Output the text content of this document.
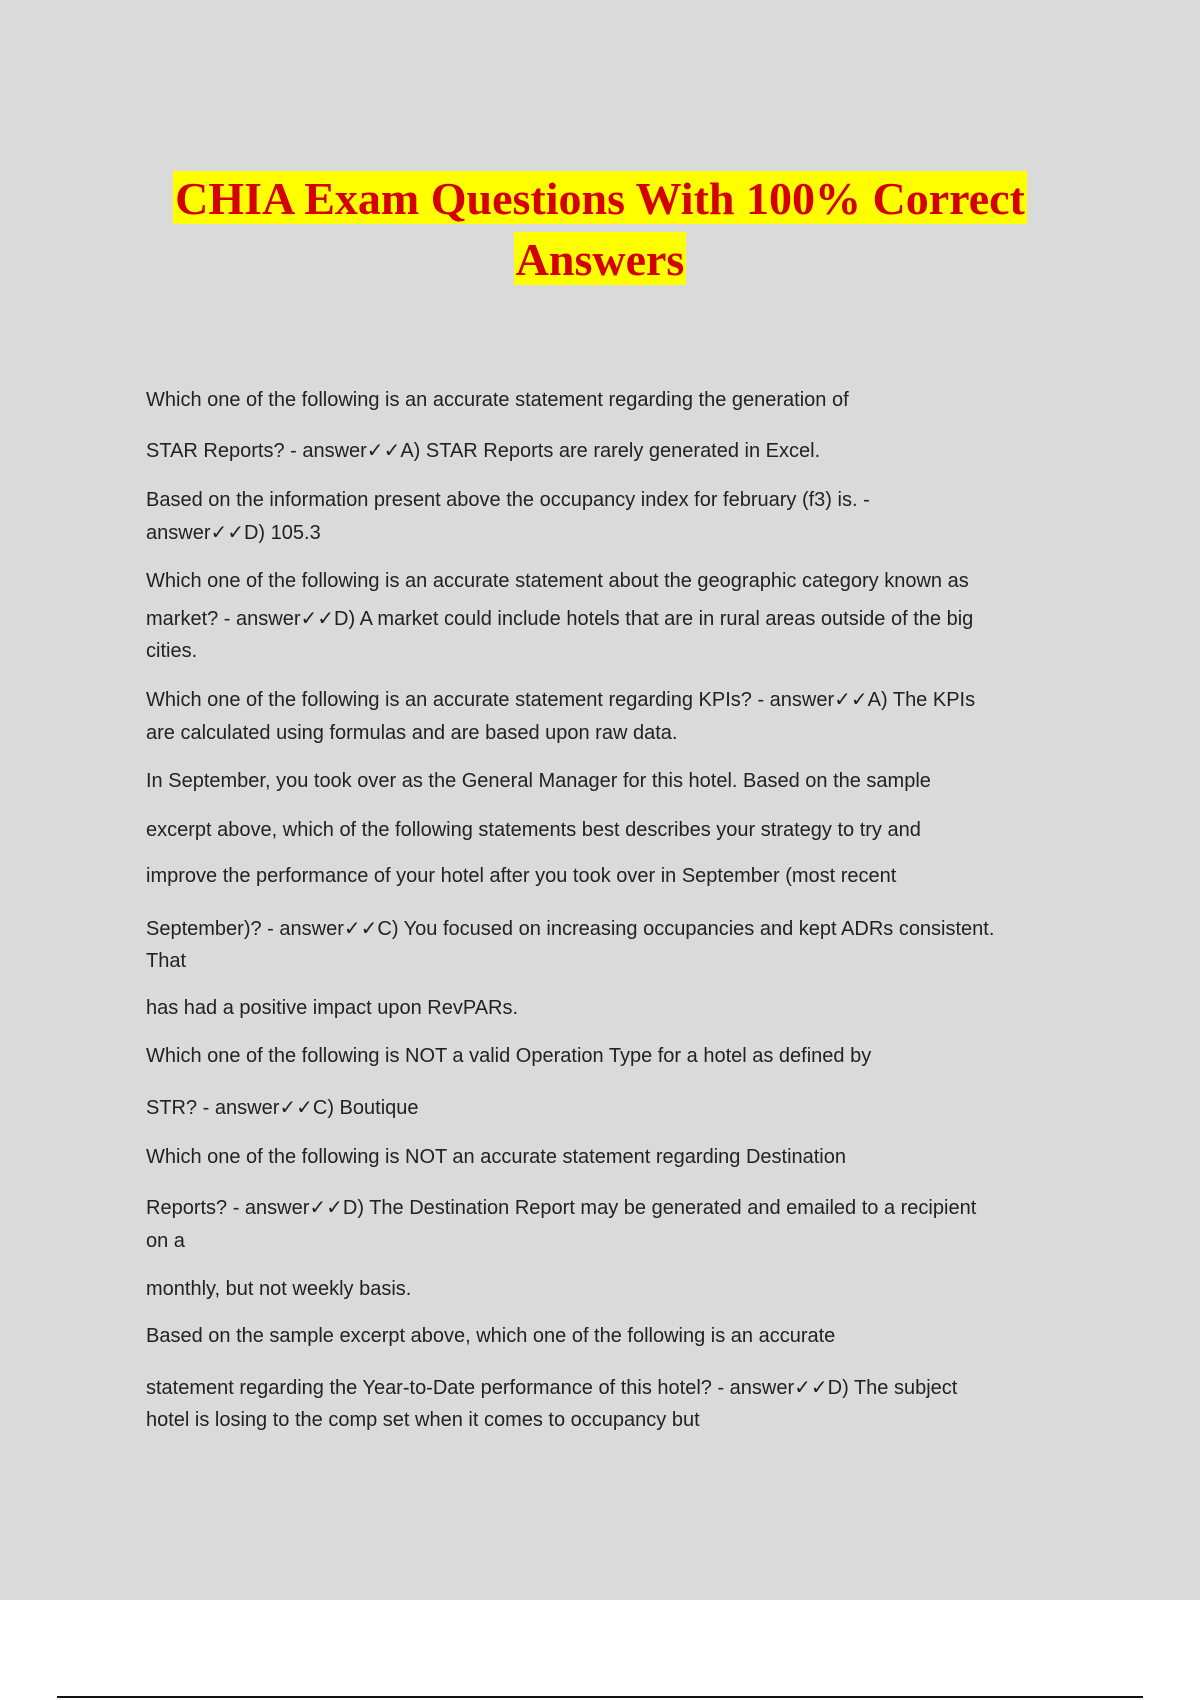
CHIA Exam Questions With 100% Correct
Answers
Which one of the following is an accurate statement regarding the generation of
STAR Reports? - answer✓✓A) STAR Reports are rarely generated in Excel.
Based on the information present above the occupancy index for february (f3) is. -
answer✓✓D) 105.3
Which one of the following is an accurate statement about the geographic category known as
market? - answer✓✓D) A market could include hotels that are in rural areas outside of the big
cities.
Which one of the following is an accurate statement regarding KPIs? - answer✓✓A) The KPIs
are calculated using formulas and are based upon raw data.
In September, you took over as the General Manager for this hotel. Based on the sample
excerpt above, which of the following statements best describes your strategy to try and
improve the performance of your hotel after you took over in September (most recent
September)? - answer✓✓C) You focused on increasing occupancies and kept ADRs consistent.
That
has had a positive impact upon RevPARs.
Which one of the following is NOT a valid Operation Type for a hotel as defined by
STR? - answer✓✓C) Boutique
Which one of the following is NOT an accurate statement regarding Destination
Reports? - answer✓✓D) The Destination Report may be generated and emailed to a recipient
on a
monthly, but not weekly basis.
Based on the sample excerpt above, which one of the following is an accurate
statement regarding the Year-to-Date performance of this hotel? - answer✓✓D) The subject
hotel is losing to the comp set when it comes to occupancy but
